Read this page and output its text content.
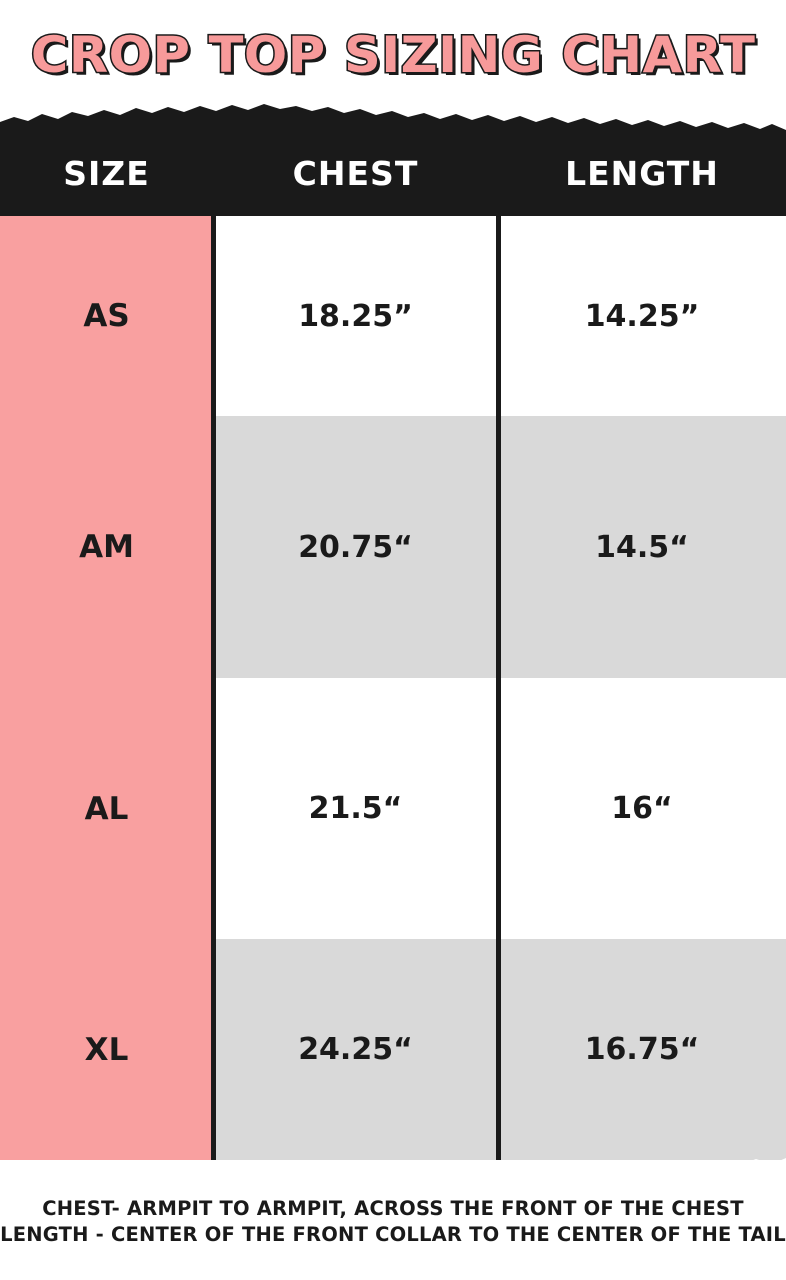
CROP TOP SIZING CHART
SIZE	CHEST	LENGTH
AS	18.25”	14.25”
AM	20.75“	14.5“
AL	21.5“	16“
XL	24.25“	16.75“
CHEST- ARMPIT TO ARMPIT, ACROSS THE FRONT OF THE CHEST
LENGTH - CENTER OF THE FRONT COLLAR TO THE CENTER OF THE TAIL
